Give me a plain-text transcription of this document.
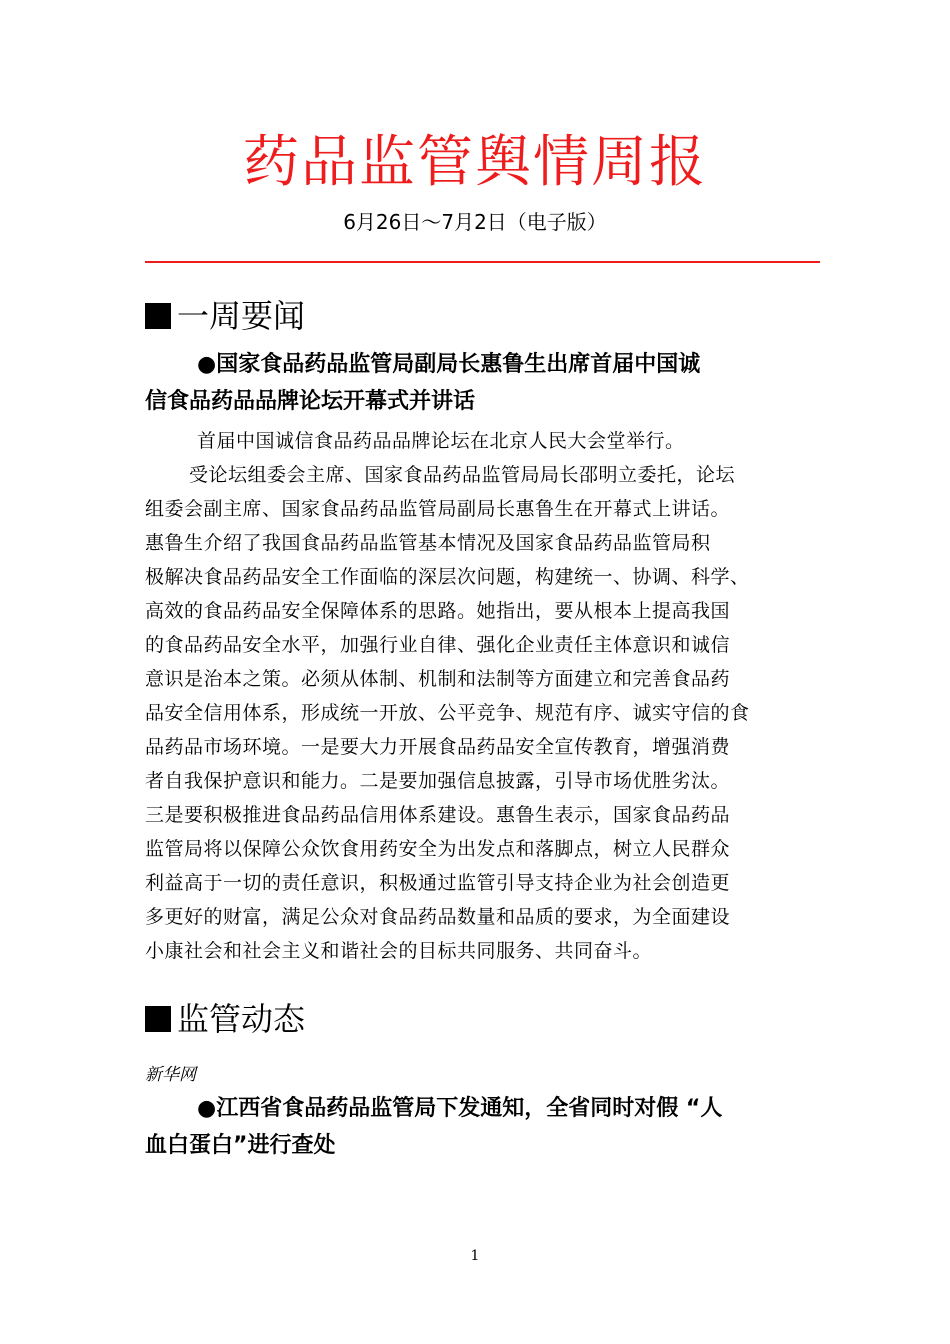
药品监管舆情周报
6月26日～7月2日（电子版）
一周要闻
●国家食品药品监管局副局长惠鲁生出席首届中国诚
信食品药品品牌论坛开幕式并讲话
首届中国诚信食品药品品牌论坛在北京人民大会堂举行。
受论坛组委会主席、国家食品药品监管局局长邵明立委托，论坛
组委会副主席、国家食品药品监管局副局长惠鲁生在开幕式上讲话。
惠鲁生介绍了我国食品药品监管基本情况及国家食品药品监管局积
极解决食品药品安全工作面临的深层次问题，构建统一、协调、科学、
高效的食品药品安全保障体系的思路。她指出，要从根本上提高我国
的食品药品安全水平，加强行业自律、强化企业责任主体意识和诚信
意识是治本之策。必须从体制、机制和法制等方面建立和完善食品药
品安全信用体系，形成统一开放、公平竞争、规范有序、诚实守信的食
品药品市场环境。一是要大力开展食品药品安全宣传教育，增强消费
者自我保护意识和能力。二是要加强信息披露，引导市场优胜劣汰。
三是要积极推进食品药品信用体系建设。惠鲁生表示，国家食品药品
监管局将以保障公众饮食用药安全为出发点和落脚点，树立人民群众
利益高于一切的责任意识，积极通过监管引导支持企业为社会创造更
多更好的财富，满足公众对食品药品数量和品质的要求，为全面建设
小康社会和社会主义和谐社会的目标共同服务、共同奋斗。
监管动态
新华网
●江西省食品药品监管局下发通知，全省同时对假 “人
血白蛋白”进行查处
1
